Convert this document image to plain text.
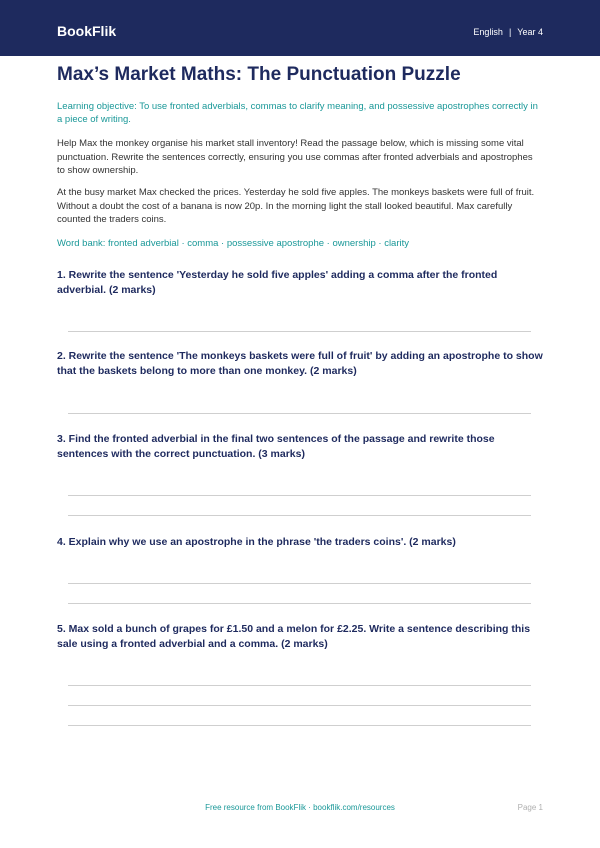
BookFlik	English | Year 4
Max’s Market Maths: The Punctuation Puzzle

Learning objective: To use fronted adverbials, commas to clarify meaning, and possessive apostrophes correctly in a piece of writing.

Help Max the monkey organise his market stall inventory! Read the passage below, which is missing some vital punctuation. Rewrite the sentences correctly, ensuring you use commas after fronted adverbials and apostrophes to show ownership.

At the busy market Max checked the prices. Yesterday he sold five apples. The monkeys baskets were full of fruit. Without a doubt the cost of a banana is now 20p. In the morning light the stall looked beautiful. Max carefully counted the traders coins.

Word bank: fronted adverbial · comma · possessive apostrophe · ownership · clarity

1. Rewrite the sentence 'Yesterday he sold five apples' adding a comma after the fronted adverbial. (2 marks)

2. Rewrite the sentence 'The monkeys baskets were full of fruit' by adding an apostrophe to show that the baskets belong to more than one monkey. (2 marks)

3. Find the fronted adverbial in the final two sentences of the passage and rewrite those sentences with the correct punctuation. (3 marks)

4. Explain why we use an apostrophe in the phrase 'the traders coins'. (2 marks)

5. Max sold a bunch of grapes for £1.50 and a melon for £2.25. Write a sentence describing this sale using a fronted adverbial and a comma. (2 marks)

Free resource from BookFlik · bookflik.com/resources	Page 1
